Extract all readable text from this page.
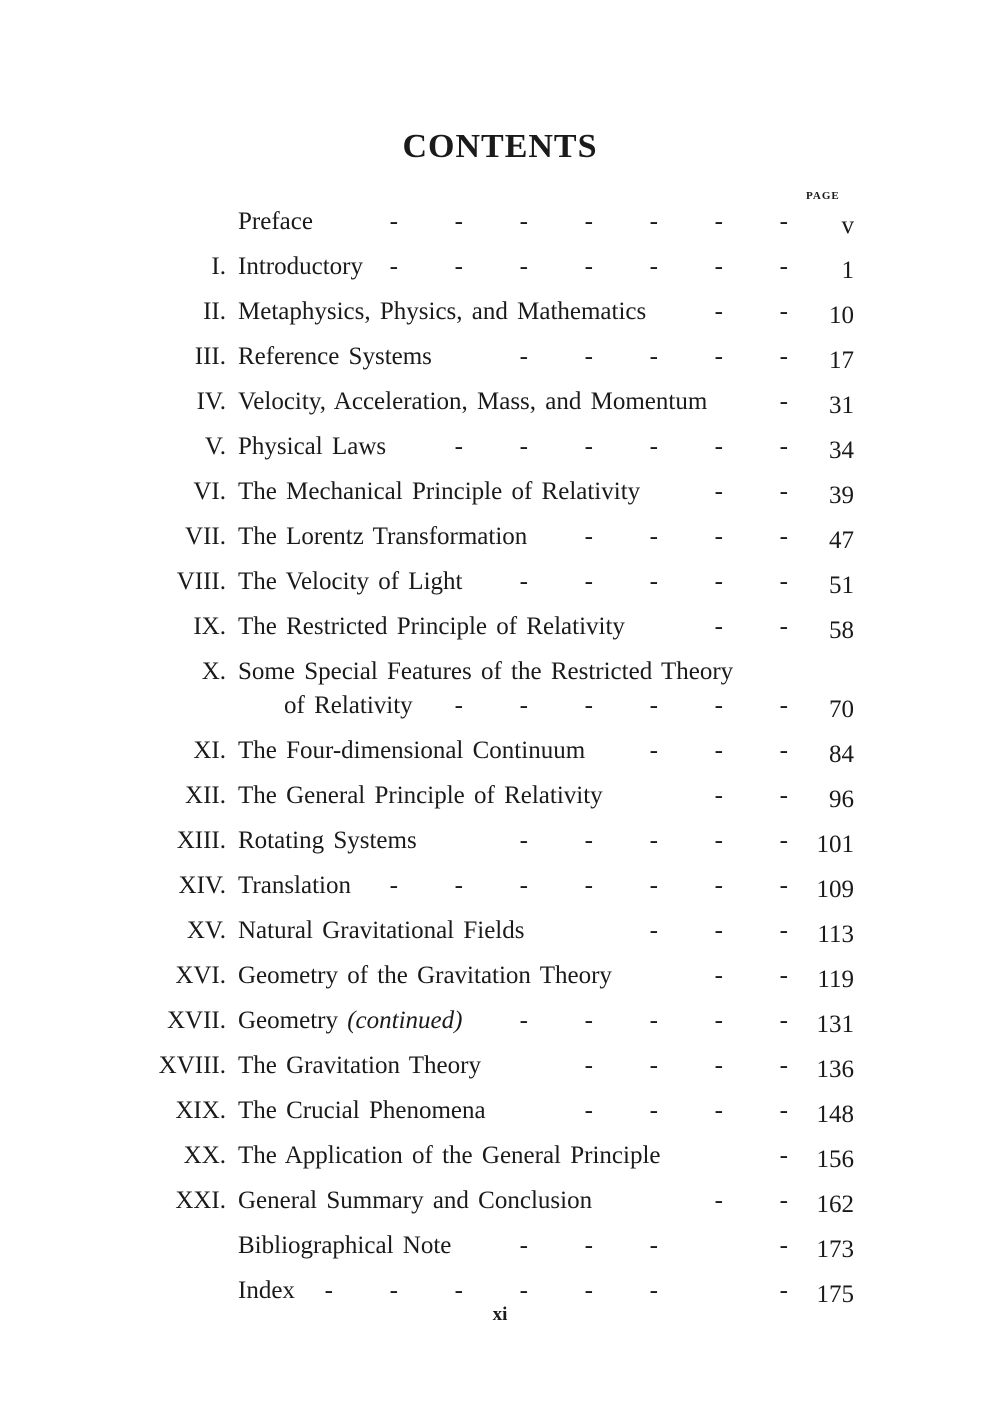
CONTENTS
PAGE
Preface	- - - - - - - v
I. Introductory	- - - - - - - 1
II. Metaphysics, Physics, and Mathematics	- - 10
III. Reference Systems	- - - - - 17
IV. Velocity, Acceleration, Mass, and Momentum	- 31
V. Physical Laws	- - - - - - 34
VI. The Mechanical Principle of Relativity	- - 39
VII. The Lorentz Transformation	- - - - 47
VIII. The Velocity of Light	- - - - - 51
IX. The Restricted Principle of Relativity	- - 58
X. Some Special Features of the Restricted Theory
of Relativity	- - - - - - 70
XI. The Four-dimensional Continuum	- - - 84
XII. The General Principle of Relativity	- - 96
XIII. Rotating Systems	- - - - - 101
XIV. Translation	- - - - - - - 109
XV. Natural Gravitational Fields	- - - 113
XVI. Geometry of the Gravitation Theory	- - 119
XVII. Geometry (continued)	- - - - - 131
XVIII. The Gravitation Theory	- - - - 136
XIX. The Crucial Phenomena	- - - - 148
XX. The Application of the General Principle	- 156
XXI. General Summary and Conclusion	- - 162
Bibliographical Note	- - -	- 173
Index	- - - - - -	- 175
xi
